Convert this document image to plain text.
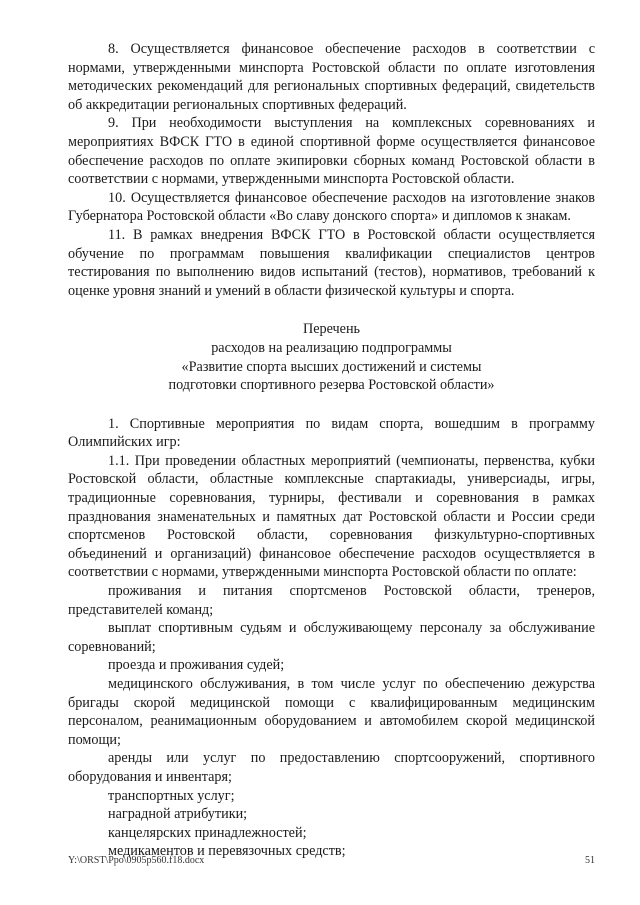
8. Осуществляется финансовое обеспечение расходов в соответствии с нормами, утвержденными минспорта Ростовской области по оплате изготовления методических рекомендаций для региональных спортивных федераций, свидетельств об аккредитации региональных спортивных федераций.

9. При необходимости выступления на комплексных соревнованиях и мероприятиях ВФСК ГТО в единой спортивной форме осуществляется финансовое обеспечение расходов по оплате экипировки сборных команд Ростовской области в соответствии с нормами, утвержденными минспорта Ростовской области.

10. Осуществляется финансовое обеспечение расходов на изготовление знаков Губернатора Ростовской области «Во славу донского спорта» и дипломов к знакам.

11. В рамках внедрения ВФСК ГТО в Ростовской области осуществляется обучение по программам повышения квалификации специалистов центров тестирования по выполнению видов испытаний (тестов), нормативов, требований к оценке уровня знаний и умений в области физической культуры и спорта.

Перечень

расходов на реализацию подпрограммы

«Развитие спорта высших достижений и системы

подготовки спортивного резерва Ростовской области»

1. Спортивные мероприятия по видам спорта, вошедшим в программу Олимпийских игр:

1.1. При проведении областных мероприятий (чемпионаты, первенства, кубки Ростовской области, областные комплексные спартакиады, универсиады, игры, традиционные соревнования, турниры, фестивали и соревнования в рамках празднования знаменательных и памятных дат Ростовской области и России среди спортсменов Ростовской области, соревнования физкультурно-спортивных объединений и организаций) финансовое обеспечение расходов осуществляется в соответствии с нормами, утвержденными минспорта Ростовской области по оплате:

проживания и питания спортсменов Ростовской области, тренеров, представителей команд;

выплат спортивным судьям и обслуживающему персоналу за обслуживание соревнований;

проезда и проживания судей;

медицинского обслуживания, в том числе услуг по обеспечению дежурства бригады скорой медицинской помощи с квалифицированным медицинским персоналом, реанимационным оборудованием и автомобилем скорой медицинской помощи;

аренды или услуг по предоставлению спортсооружений, спортивного оборудования и инвентаря;

транспортных услуг;

наградной атрибутики;

канцелярских принадлежностей;

медикаментов и перевязочных средств;

Y:\ORST\Ppo\0905p560.f18.docx	51
